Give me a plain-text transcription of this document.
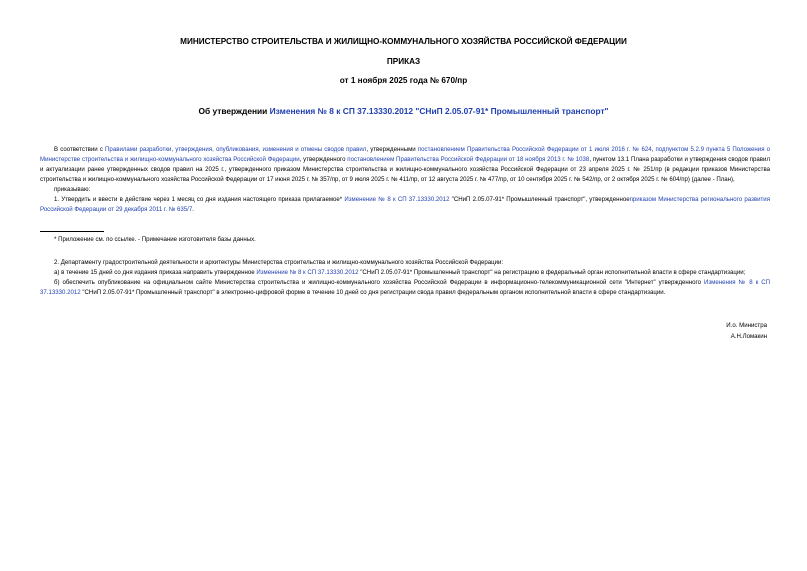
МИНИСТЕРСТВО СТРОИТЕЛЬСТВА И ЖИЛИЩНО-КОММУНАЛЬНОГО ХОЗЯЙСТВА РОССИЙСКОЙ ФЕДЕРАЦИИ
ПРИКАЗ
от 1 ноября 2025 года № 670/пр
Об утверждении Изменения № 8 к СП 37.13330.2012 "СНиП 2.05.07-91* Промышленный транспорт"

В соответствии с Правилами разработки, утверждения, опубликования, изменения и отмены сводов правил, утвержденными постановлением Правительства Российской Федерации от 1 июля 2016 г. № 624, подпунктом 5.2.9 пункта 5 Положения о Министерстве строительства и жилищно-коммунального хозяйства Российской Федерации, утвержденного постановлением Правительства Российской Федерации от 18 ноября 2013 г. № 1038, пунктом 13.1 Плана разработки и утверждения сводов правил и актуализации ранее утвержденных сводов правил на 2025 г., утвержденного приказом Министерства строительства и жилищно-коммунального хозяйства Российской Федерации от 23 апреля 2025 г. № 251/пр (в редакции приказов Министерства строительства и жилищно-коммунального хозяйства Российской Федерации от 17 июня 2025 г. № 357/пр, от 9 июля 2025 г. № 411/пр, от 12 августа 2025 г. № 477/пр, от 10 сентября 2025 г. № 542/пр, от 2 октября 2025 г. № 604/пр) (далее - План),

приказываю:

1. Утвердить и ввести в действие через 1 месяц со дня издания настоящего приказа прилагаемое* Изменение № 8 к СП 37.13330.2012 "СНиП 2.05.07-91* Промышленный транспорт", утвержденноеприказом Министерства регионального развития Российской Федерации от 29 декабря 2011 г. № 635/7.

* Приложение см. по ссылке. - Примечание изготовителя базы данных.

2. Департаменту градостроительной деятельности и архитектуры Министерства строительства и жилищно-коммунального хозяйства Российской Федерации:

а) в течение 15 дней со дня издания приказа направить утвержденное Изменение № 8 к СП 37.13330.2012 "СНиП 2.05.07-91* Промышленный транспорт" на регистрацию в федеральный орган исполнительной власти в сфере стандартизации;

б) обеспечить опубликование на официальном сайте Министерства строительства и жилищно-коммунального хозяйства Российской Федерации в информационно-телекоммуникационной сети "Интернет" утвержденного Изменения № 8 к СП 37.13330.2012 "СНиП 2.05.07-91* Промышленный транспорт" в электронно-цифровой форме в течение 10 дней со дня регистрации свода правил федеральным органом исполнительной власти в сфере стандартизации.

И.о. Министра
А.Н.Ломакин
